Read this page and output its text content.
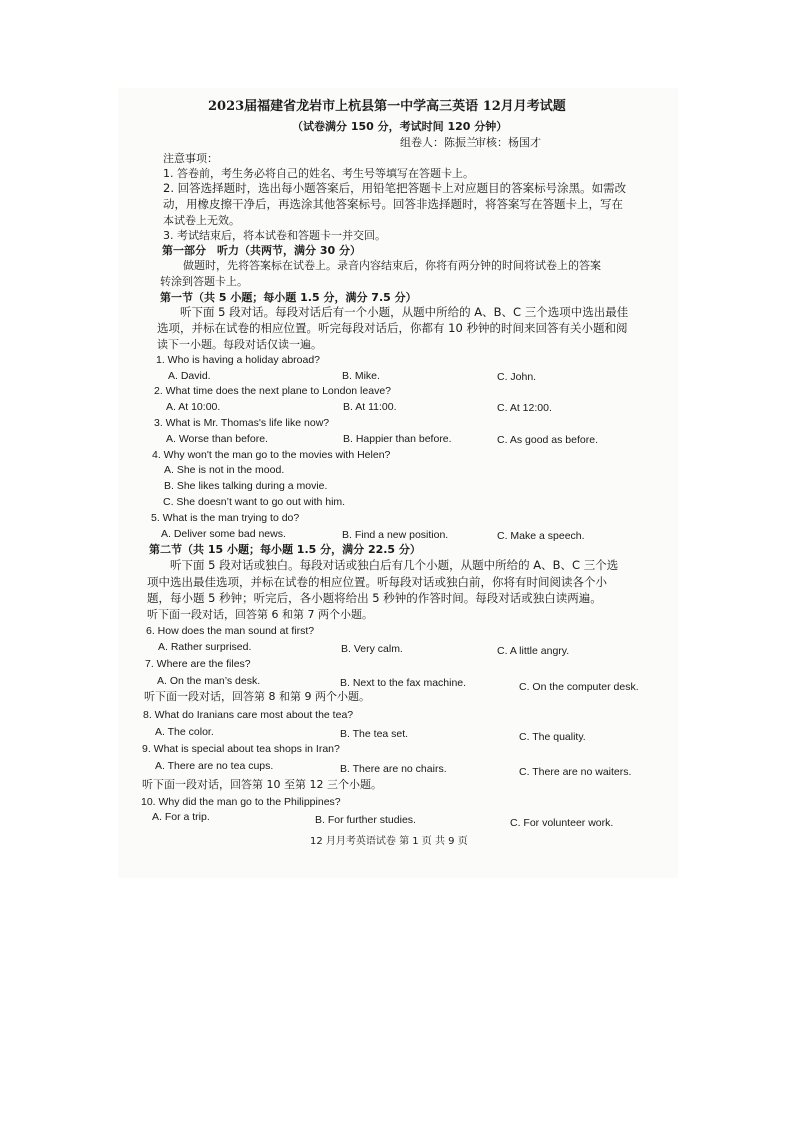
2023届福建省龙岩市上杭县第一中学高三英语 12月月考试题
（试卷满分 150 分，考试时间 120 分钟）
组卷人：陈振兰
审核：杨国才
注意事项：
1. 答卷前，考生务必将自己的姓名、考生号等填写在答题卡上。
2. 回答选择题时，选出每小题答案后，用铅笔把答题卡上对应题目的答案标号涂黑。如需改
动，用橡皮擦干净后，再选涂其他答案标号。回答非选择题时，将答案写在答题卡上，写在
本试卷上无效。
3. 考试结束后，将本试卷和答题卡一并交回。
第一部分　听力（共两节，满分 30 分）
做题时，先将答案标在试卷上。录音内容结束后，你将有两分钟的时间将试卷上的答案
转涂到答题卡上。
第一节（共 5 小题；每小题 1.5 分，满分 7.5 分）
听下面 5 段对话。每段对话后有一个小题，从题中所给的 A、B、C 三个选项中选出最佳
选项，并标在试卷的相应位置。听完每段对话后，你都有 10 秒钟的时间来回答有关小题和阅
读下一小题。每段对话仅读一遍。
1. Who is having a holiday abroad?
A. David.	B. Mike.	C. John.
2. What time does the next plane to London leave?
A. At 10:00.	B. At 11:00.	C. At 12:00.
3. What is Mr. Thomas's life like now?
A. Worse than before.	B. Happier than before.	C. As good as before.
4. Why won't the man go to the movies with Helen?
A. She is not in the mood.
B. She likes talking during a movie.
C. She doesn’t want to go out with him.
5. What is the man trying to do?
A. Deliver some bad news.	B. Find a new position.	C. Make a speech.
第二节（共 15 小题；每小题 1.5 分，满分 22.5 分）
听下面 5 段对话或独白。每段对话或独白后有几个小题，从题中所给的 A、B、C 三个选
项中选出最佳选项，并标在试卷的相应位置。听每段对话或独白前，你将有时间阅读各个小
题，每小题 5 秒钟；听完后，各小题将给出 5 秒钟的作答时间。每段对话或独白读两遍。
听下面一段对话，回答第 6 和第 7 两个小题。
6. How does the man sound at first?
A. Rather surprised.	B. Very calm.	C. A little angry.
7. Where are the files?
A. On the man’s desk.	B. Next to the fax machine.	C. On the computer desk.
听下面一段对话，回答第 8 和第 9 两个小题。
8. What do Iranians care most about the tea?
A. The color.	B. The tea set.	C. The quality.
9. What is special about tea shops in Iran?
A. There are no tea cups.	B. There are no chairs.	C. There are no waiters.
听下面一段对话，回答第 10 至第 12 三个小题。
10. Why did the man go to the Philippines?
A. For a trip.	B. For further studies.	C. For volunteer work.
12 月月考英语试卷 第 1 页 共 9 页
